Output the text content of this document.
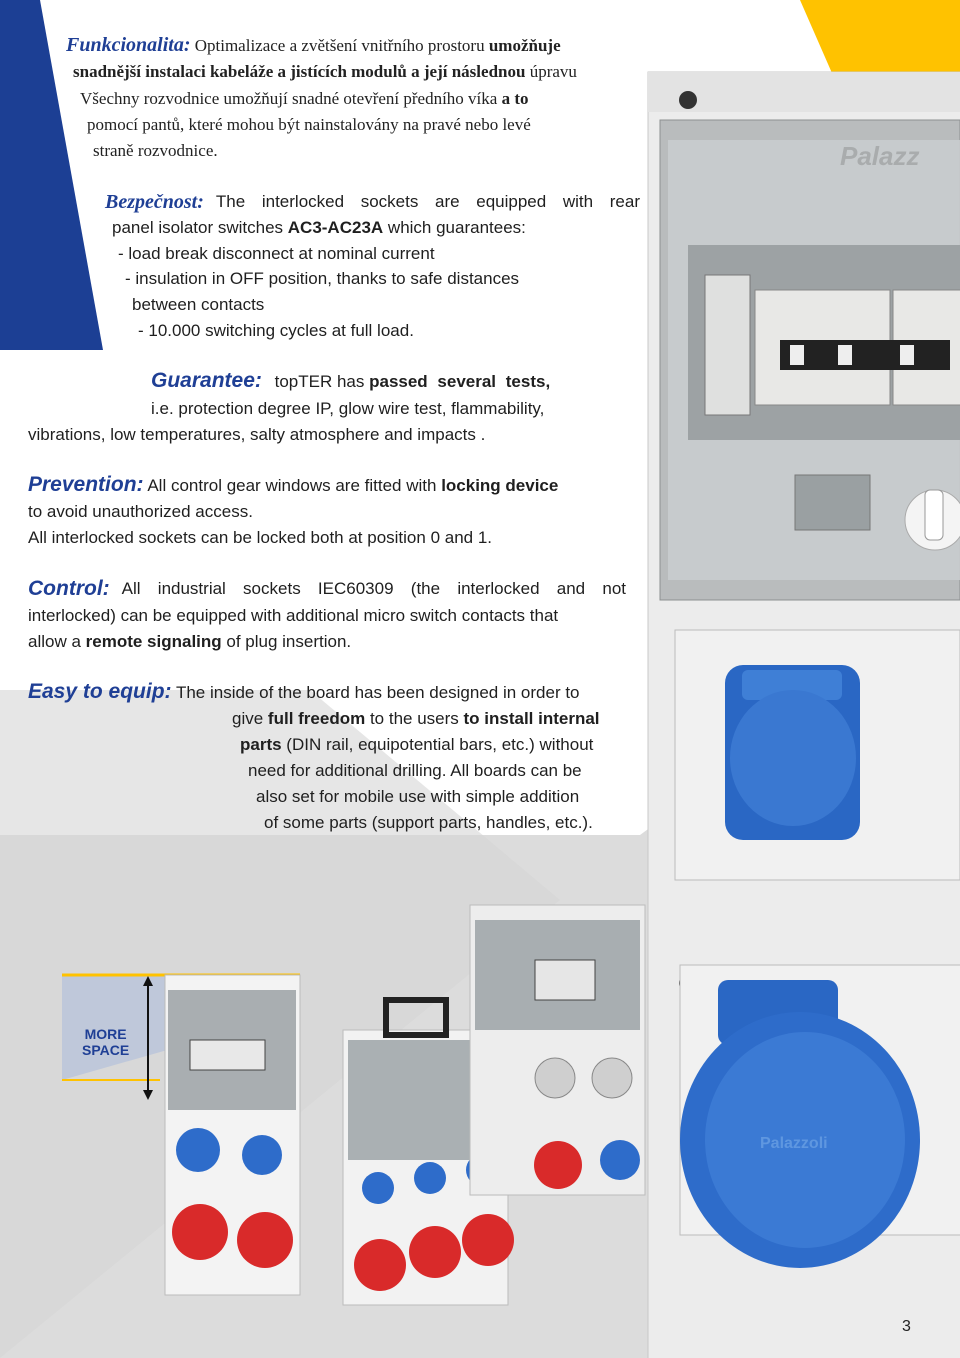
Palazz
Palazzoli
MORE
SPACE
Funkcionalita: Optimalizace a zvětšení vnitřního prostoru umožňuje
snadnější instalaci kabeláže a jistících modulů a její následnou úpravu
Všechny rozvodnice umožňují snadné otevření předního víka a to
pomocí pantů, které mohou být nainstalovány na pravé nebo levé
straně rozvodnice.
Bezpečnost: The interlocked sockets are equipped with rear
panel isolator switches AC3-AC23A which guarantees:
- load break disconnect at nominal current
- insulation in OFF position, thanks to safe distances
between contacts
- 10.000 switching cycles at full load.
Guarantee: topTER has passed several tests,
i.e. protection degree IP, glow wire test, flammability,
vibrations, low temperatures, salty atmosphere and impacts .
Prevention: All control gear windows are fitted with locking device
to avoid unauthorized access.
All interlocked sockets can be locked both at position 0 and 1.
Control: All industrial sockets IEC60309 (the interlocked and not
interlocked) can be equipped with additional micro switch contacts that
allow a remote signaling of plug insertion.
Easy to equip: The inside of the board has been designed in order to
give full freedom to the users to install internal
parts (DIN rail, equipotential bars, etc.) without
need for additional drilling. All boards can be
also set for mobile use with simple addition
of some parts (support parts, handles, etc.).
3
